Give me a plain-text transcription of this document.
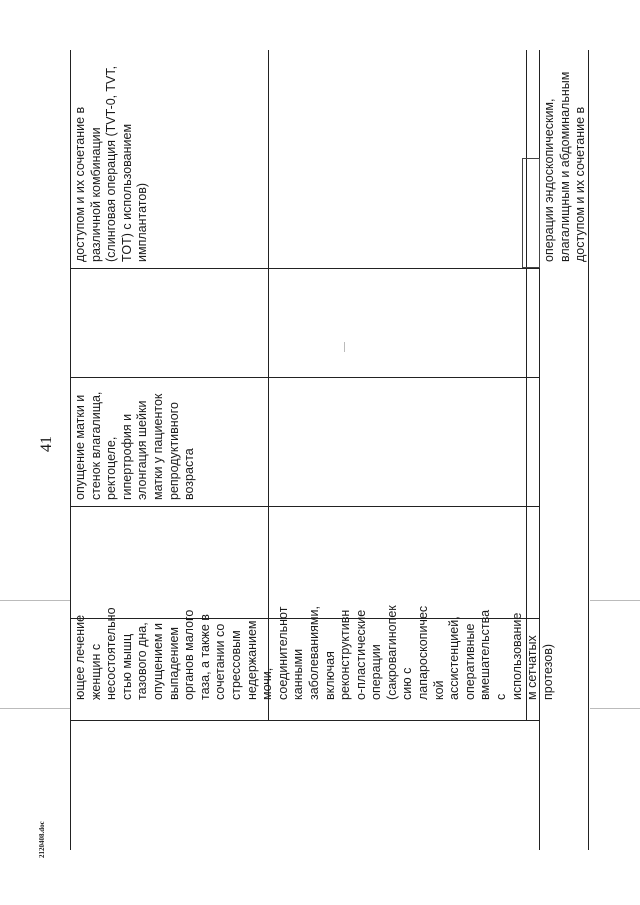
41
2120408.doc
ющее лечение женщин с несостоятельно стью мышц тазового дна, опущением и выпадением органов малого таза, а также в сочетании со стрессовым недержанием мочи, соединительнот канными заболеваниями, включая реконструктивн о-пластические операции (сакровагинопек сию с лапароскопичес кой ассистенцией, оперативные вмешательства с использование м сетчатых протезов)
опущение матки и стенок влагалища, ректоцеле, гипертрофия и элонгация шейки матки у пациенток репродуктивного возраста
доступом и их сочетание в различной комбинации (слинговая операция (TVT-0, TVT, TOT) с использованием имплантатов)	операции эндоскопическим, влагалищным и абдоминальным доступом и их сочетание в
